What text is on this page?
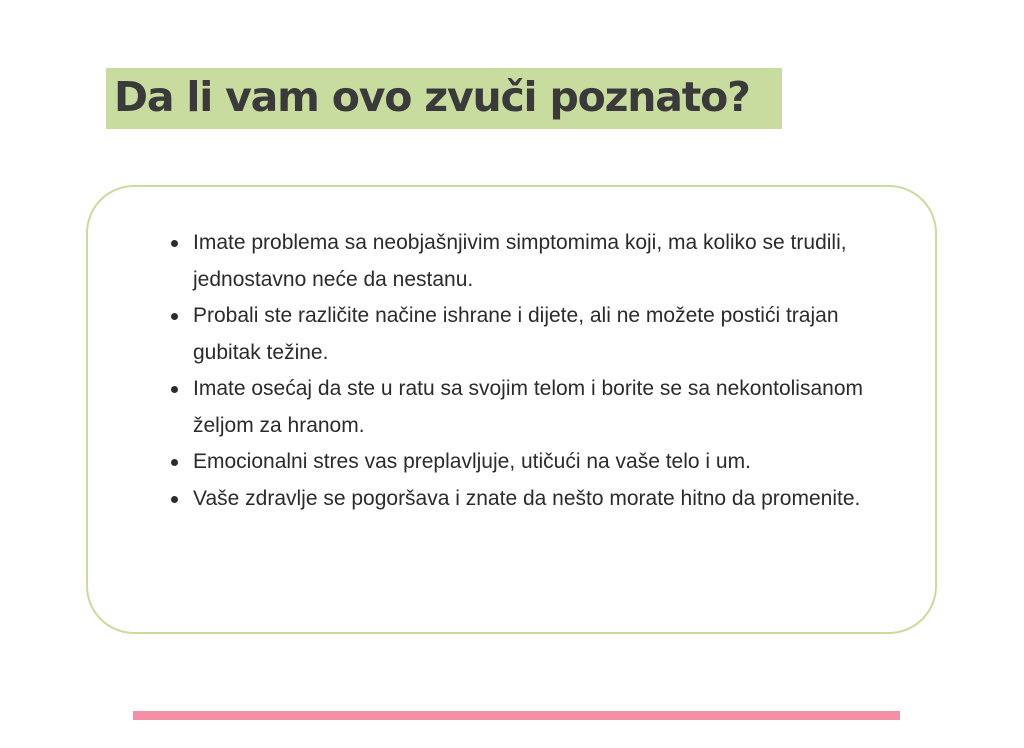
Da li vam ovo zvuči poznato?
Imate problema sa neobjašnjivim simptomima koji, ma koliko se trudili, jednostavno neće da nestanu.
Probali ste različite načine ishrane i dijete, ali ne možete postići trajan gubitak težine.
Imate osećaj da ste u ratu sa svojim telom i borite se sa nekontolisanom željom za hranom.
Emocionalni stres vas preplavljuje, utičući na vaše telo i um.
Vaše zdravlje se pogoršava i znate da nešto morate hitno da promenite.
